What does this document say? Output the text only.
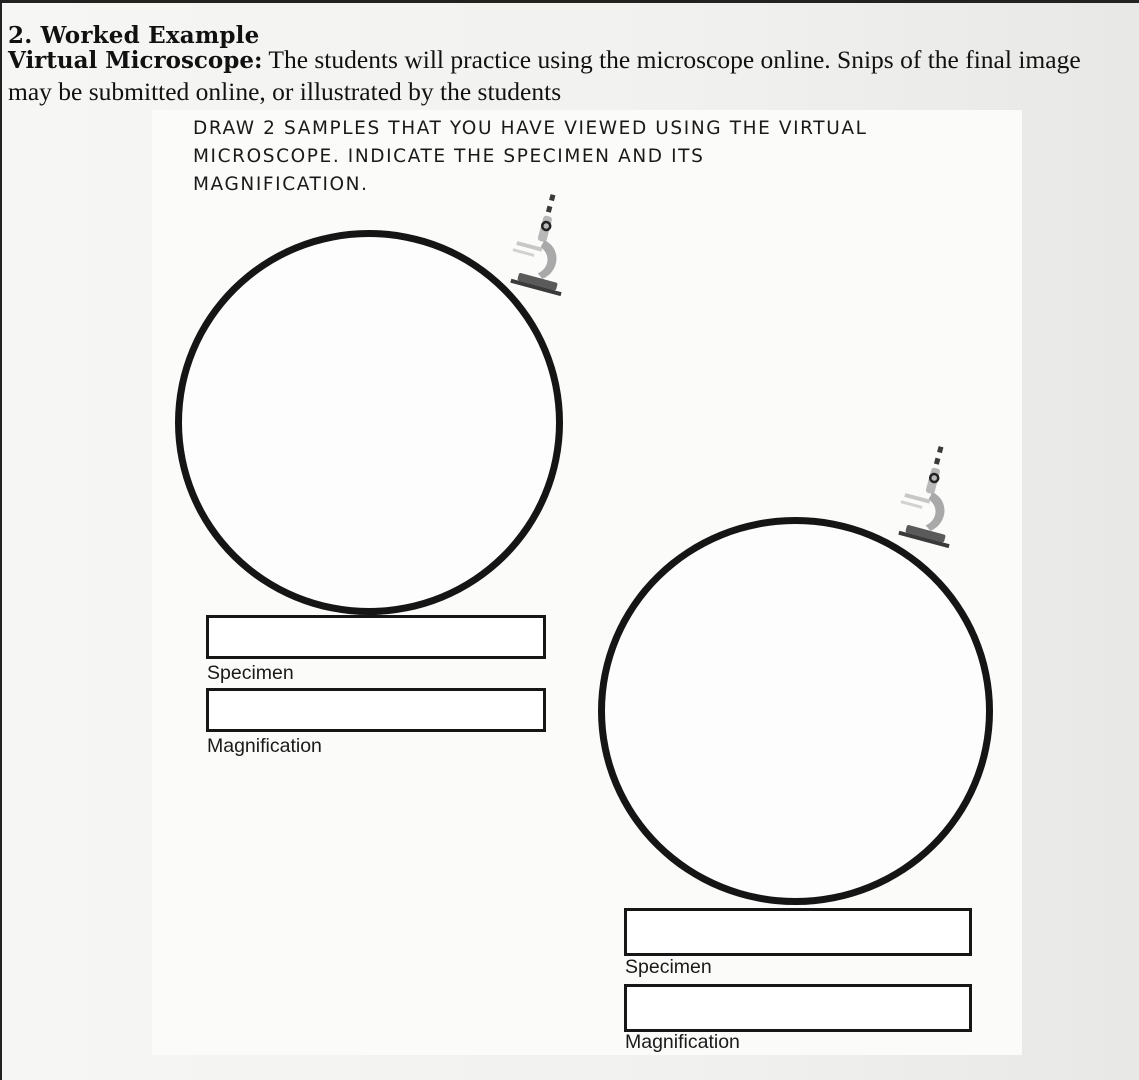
2. Worked Example
Virtual Microscope: The students will practice using the microscope online. Snips of the final image may be submitted online, or illustrated by the students
DRAW 2 SAMPLES THAT YOU HAVE VIEWED USING THE VIRTUAL MICROSCOPE. INDICATE THE SPECIMEN AND ITS MAGNIFICATION.
Specimen
Magnification
Specimen
Magnification
